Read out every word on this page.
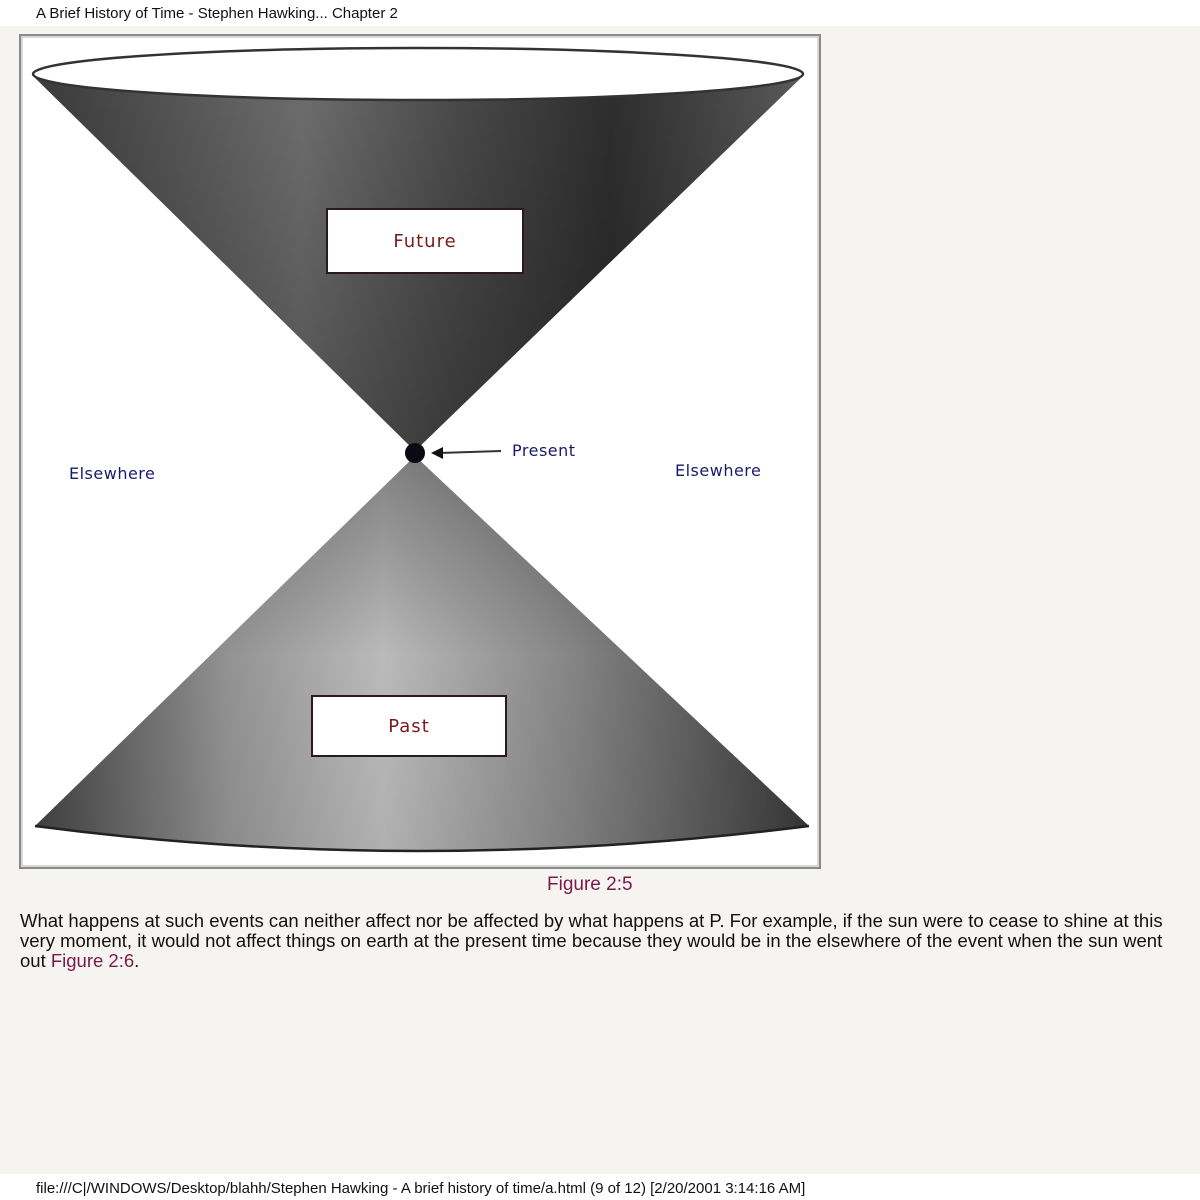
A Brief History of Time - Stephen Hawking... Chapter 2
Future
Past
Present
Elsewhere	Elsewhere
Figure 2:5
What happens at such events can neither affect nor be affected by what happens at P. For example, if the sun were to cease to shine at this very moment, it would not affect things on earth at the present time because they would be in the elsewhere of the event when the sun went out Figure 2:6.
file:///C|/WINDOWS/Desktop/blahh/Stephen Hawking - A brief history of time/a.html (9 of 12) [2/20/2001 3:14:16 AM]
